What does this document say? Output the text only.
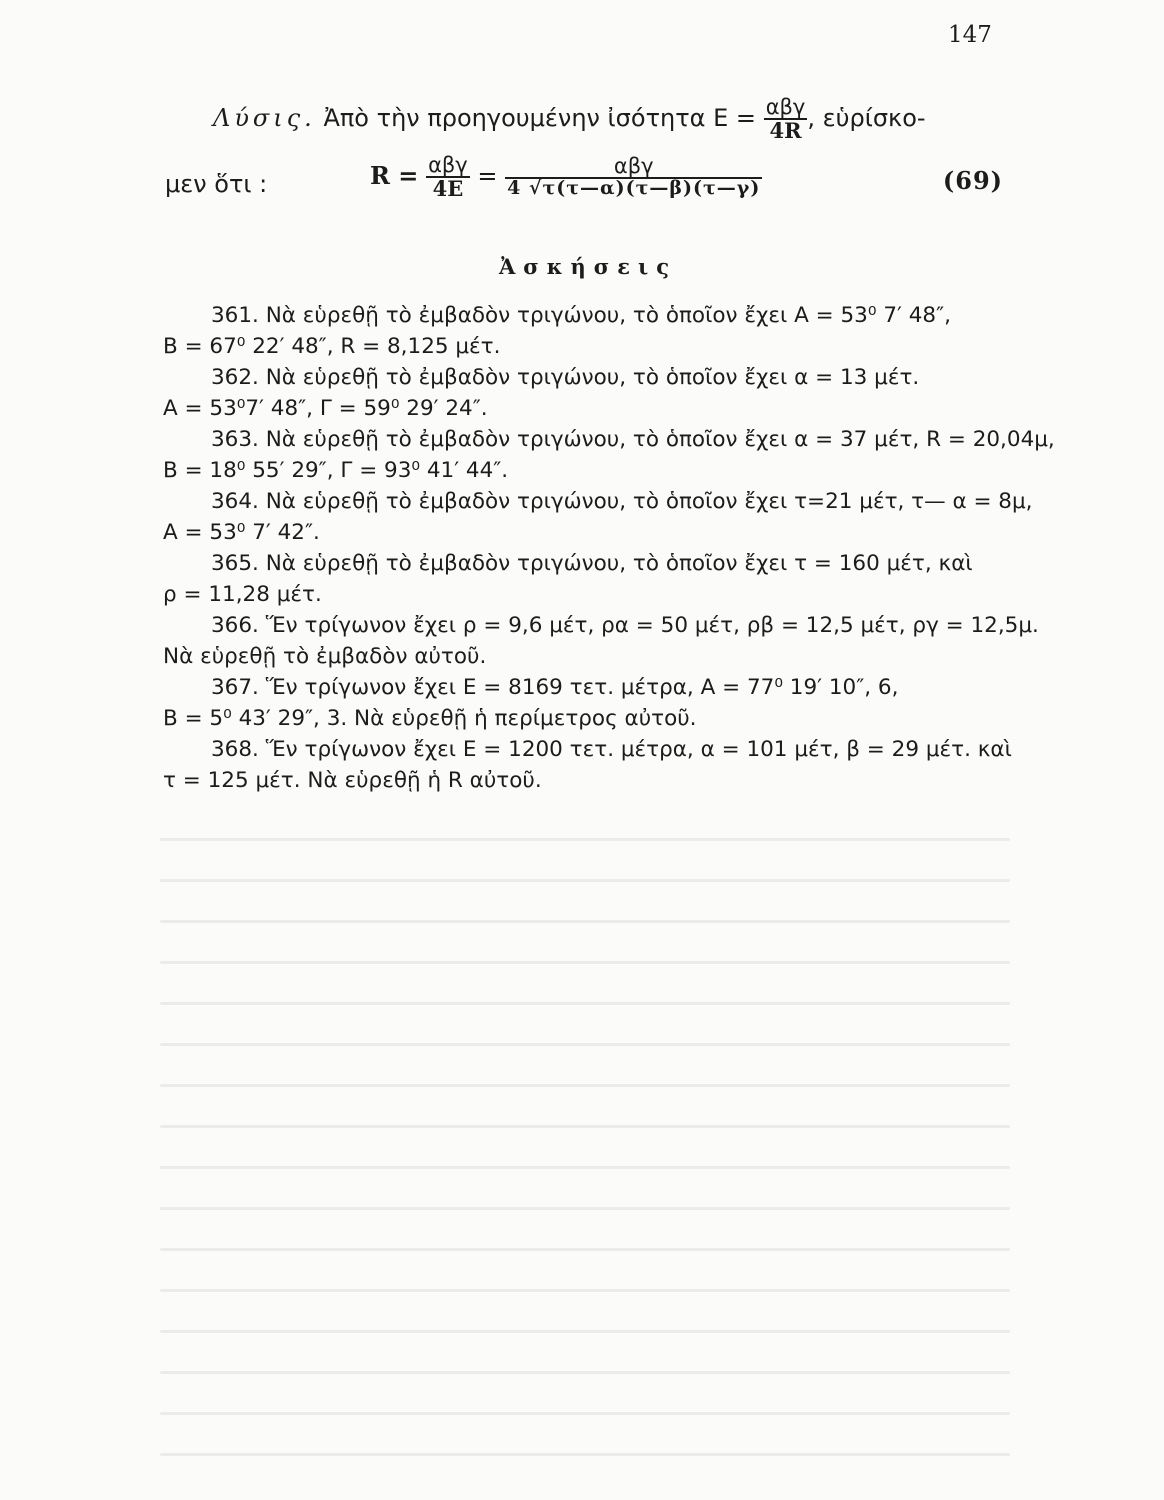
147
Λύσις. Ἀπὸ τὴν προηγουμένην ἰσότητα $E = \frac{\text{αβγ}}{4R}$ , εὑρίσκο-
μεν ὅτι :	$R = \frac{\text{αβγ}}{4E} = \frac{\text{αβγ}}{4 √\tau(\tau—\alpha)(\tau—\beta)(\tau—\gamma)}$	(69)
Ἀσκήσεις

361. Νὰ εὑρεθῇ τὸ ἐμβαδὸν τριγώνου, τὸ ὁποῖον ἔχει Α = 53⁰ 7′ 48″,
Β = 67⁰ 22′ 48″, R = 8,125 μέτ.

362. Νὰ εὑρεθῇ τὸ ἐμβαδὸν τριγώνου, τὸ ὁποῖον ἔχει α = 13 μέτ.
Α = 53⁰7′ 48″, Γ = 59⁰ 29′ 24″.

363. Νὰ εὑρεθῇ τὸ ἐμβαδὸν τριγώνου, τὸ ὁποῖον ἔχει α = 37 μέτ, R = 20,04μ,
Β = 18⁰ 55′ 29″, Γ = 93⁰ 41′ 44″.

364. Νὰ εὑρεθῇ τὸ ἐμβαδὸν τριγώνου, τὸ ὁποῖον ἔχει τ=21 μέτ, τ— α = 8μ,
Α = 53⁰ 7′ 42″.

365. Νὰ εὑρεθῇ τὸ ἐμβαδὸν τριγώνου, τὸ ὁποῖον ἔχει τ = 160 μέτ, καὶ
ρ = 11,28 μέτ.

366. Ἕν τρίγωνον ἔχει ρ = 9,6 μέτ, ρα = 50 μέτ, ρβ = 12,5 μέτ, ργ = 12,5μ.
Νὰ εὑρεθῇ τὸ ἐμβαδὸν αὐτοῦ.

367. Ἕν τρίγωνον ἔχει Ε = 8169 τετ. μέτρα, Α = 77⁰ 19′ 10″, 6,
Β = 5⁰ 43′ 29″, 3. Νὰ εὑρεθῇ ἡ περίμετρος αὐτοῦ.

368. Ἕν τρίγωνον ἔχει Ε = 1200 τετ. μέτρα, α = 101 μέτ, β = 29 μέτ. καὶ
τ = 125 μέτ. Νὰ εὑρεθῇ ἡ R αὐτοῦ.
